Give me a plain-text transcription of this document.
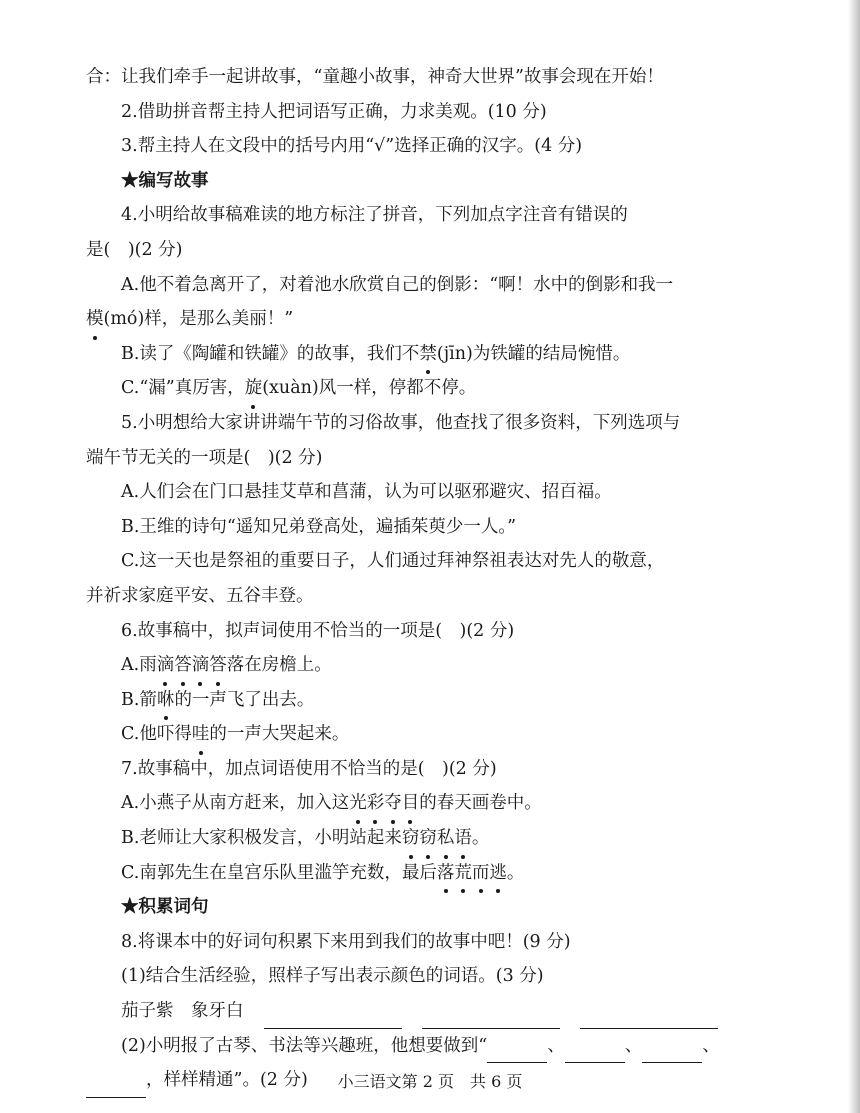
合：让我们牵手一起讲故事，“童趣小故事，神奇大世界”故事会现在开始！
2.借助拼音帮主持人把词语写正确，力求美观。(10 分)
3.帮主持人在文段中的括号内用“√”选择正确的汉字。(4 分)
★编写故事
4.小明给故事稿难读的地方标注了拼音，下列加点字注音有错误的
是(　)(2 分)
A.他不着急离开了，对着池水欣赏自己的倒影：“啊！水中的倒影和我一
模(mó)样，是那么美丽！”
B.读了《陶罐和铁罐》的故事，我们不禁(jīn)为铁罐的结局惋惜。
C.“漏”真厉害，旋(xuàn)风一样，停都不停。
5.小明想给大家讲讲端午节的习俗故事，他查找了很多资料，下列选项与
端午节无关的一项是(　)(2 分)
A.人们会在门口悬挂艾草和菖蒲，认为可以驱邪避灾、招百福。
B.王维的诗句“遥知兄弟登高处，遍插茱萸少一人。”
C.这一天也是祭祖的重要日子，人们通过拜神祭祖表达对先人的敬意，
并祈求家庭平安、五谷丰登。
6.故事稿中，拟声词使用不恰当的一项是(　)(2 分)
A.雨滴答滴答落在房檐上。
B.箭咻的一声飞了出去。
C.他吓得哇的一声大哭起来。
7.故事稿中，加点词语使用不恰当的是(　)(2 分)
A.小燕子从南方赶来，加入这光彩夺目的春天画卷中。
B.老师让大家积极发言，小明站起来窃窃私语。
C.南郭先生在皇宫乐队里滥竽充数，最后落荒而逃。
★积累词句
8.将课本中的好词句积累下来用到我们的故事中吧！(9 分)
(1)结合生活经验，照样子写出表示颜色的词语。(3 分)
茄子紫　象牙白
(2)小明报了古琴、书法等兴趣班，他想要做到“	、	、	、
，样样精通”。(2 分)	小三语文第 2 页　共 6 页
